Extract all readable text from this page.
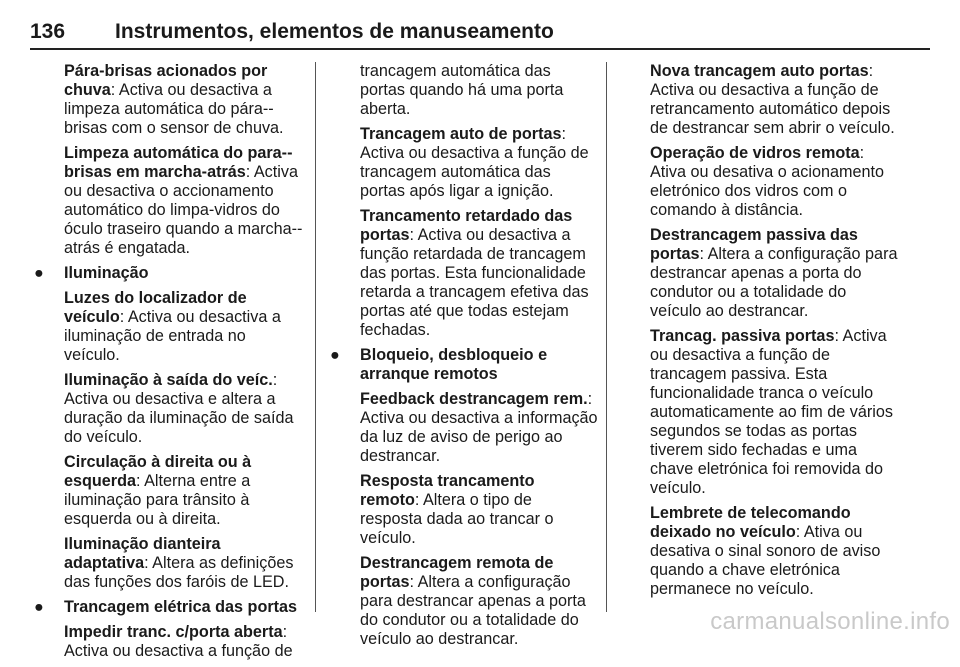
136	Instrumentos, elementos de manuseamento

Pára-brisas acionados por chuva: Activa ou desactiva a limpeza automática do pára--brisas com o sensor de chuva.

Limpeza automática do para--brisas em marcha-atrás: Activa ou desactiva o accionamento automático do limpa-vidros do óculo traseiro quando a marcha--atrás é engatada.

● Iluminação

Luzes do localizador de veículo: Activa ou desactiva a iluminação de entrada no veículo.

Iluminação à saída do veíc.: Activa ou desactiva e altera a duração da iluminação de saída do veículo.

Circulação à direita ou à esquerda: Alterna entre a iluminação para trânsito à esquerda ou à direita.

Iluminação dianteira adaptativa: Altera as definições das funções dos faróis de LED.

● Trancagem elétrica das portas

Impedir tranc. c/porta aberta: Activa ou desactiva a função de

trancagem automática das portas quando há uma porta aberta.

Trancagem auto de portas: Activa ou desactiva a função de trancagem automática das portas após ligar a ignição.

Trancamento retardado das portas: Activa ou desactiva a função retardada de trancagem das portas. Esta funcionalidade retarda a trancagem efetiva das portas até que todas estejam fechadas.

● Bloqueio, desbloqueio e arranque remotos

Feedback destrancagem rem.: Activa ou desactiva a informação da luz de aviso de perigo ao destrancar.

Resposta trancamento remoto: Altera o tipo de resposta dada ao trancar o veículo.

Destrancagem remota de portas: Altera a configuração para destrancar apenas a porta do condutor ou a totalidade do veículo ao destrancar.

Nova trancagem auto portas: Activa ou desactiva a função de retrancamento automático depois de destrancar sem abrir o veículo.

Operação de vidros remota: Ativa ou desativa o acionamento eletrónico dos vidros com o comando à distância.

Destrancagem passiva das portas: Altera a configuração para destrancar apenas a porta do condutor ou a totalidade do veículo ao destrancar.

Trancag. passiva portas: Activa ou desactiva a função de trancagem passiva. Esta funcionalidade tranca o veículo automaticamente ao fim de vários segundos se todas as portas tiverem sido fechadas e uma chave eletrónica foi removida do veículo.

Lembrete de telecomando deixado no veículo: Ativa ou desativa o sinal sonoro de aviso quando a chave eletrónica permanece no veículo.

carmanualsonline.info
